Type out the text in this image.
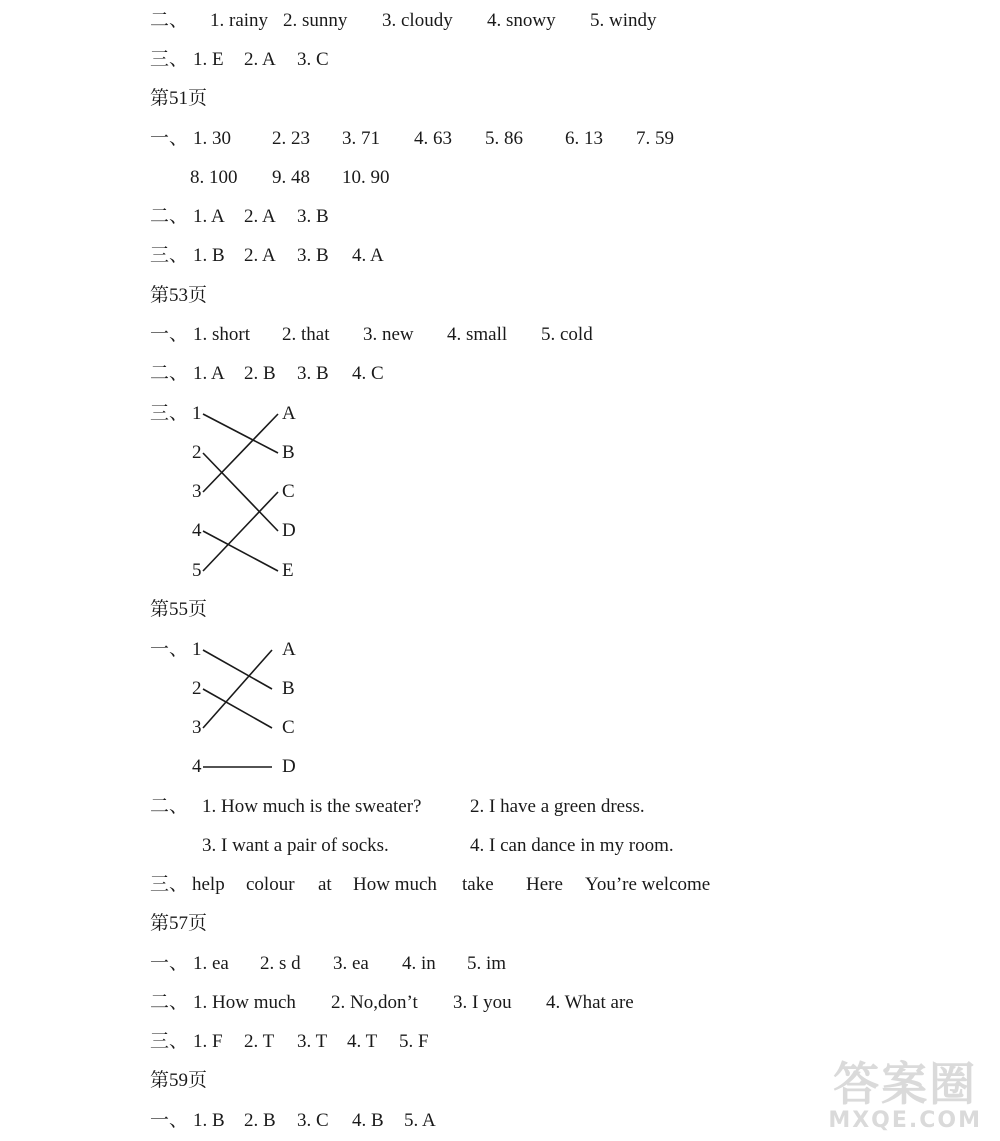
二、 1. rainy 2. sunny 3. cloudy 4. snowy 5. windy
三、 1. E 2. A 3. C
第51页
一、 1. 30 2. 23 3. 71 4. 63 5. 86 6. 13 7. 59
8. 100 9. 48 10. 90
二、 1. A 2. A 3. B
三、 1. B 2. A 3. B 4. A
第53页
一、 1. short 2. that 3. new 4. small 5. cold
二、 1. A 2. B 3. B 4. C
第55页
二、 1. How much is the sweater?	2. I have a green dress.
3. I want a pair of socks.	4. I can dance in my room.
三、 help colour at How much take Here You’re welcome
第57页
一、 1. ea 2. s d 3. ea 4. in 5. im
二、 1. How much 2. No,don’t 3. I you 4. What are
三、 1. F 2. T 3. T 4. T 5. F
第59页
一、 1. B 2. B 3. C 4. B 5. A
三、 1
2
3
4
5
A
B
C
D
E
一、 1
2
3
4
A
B
C
D
答案圈
MXQE.COM
